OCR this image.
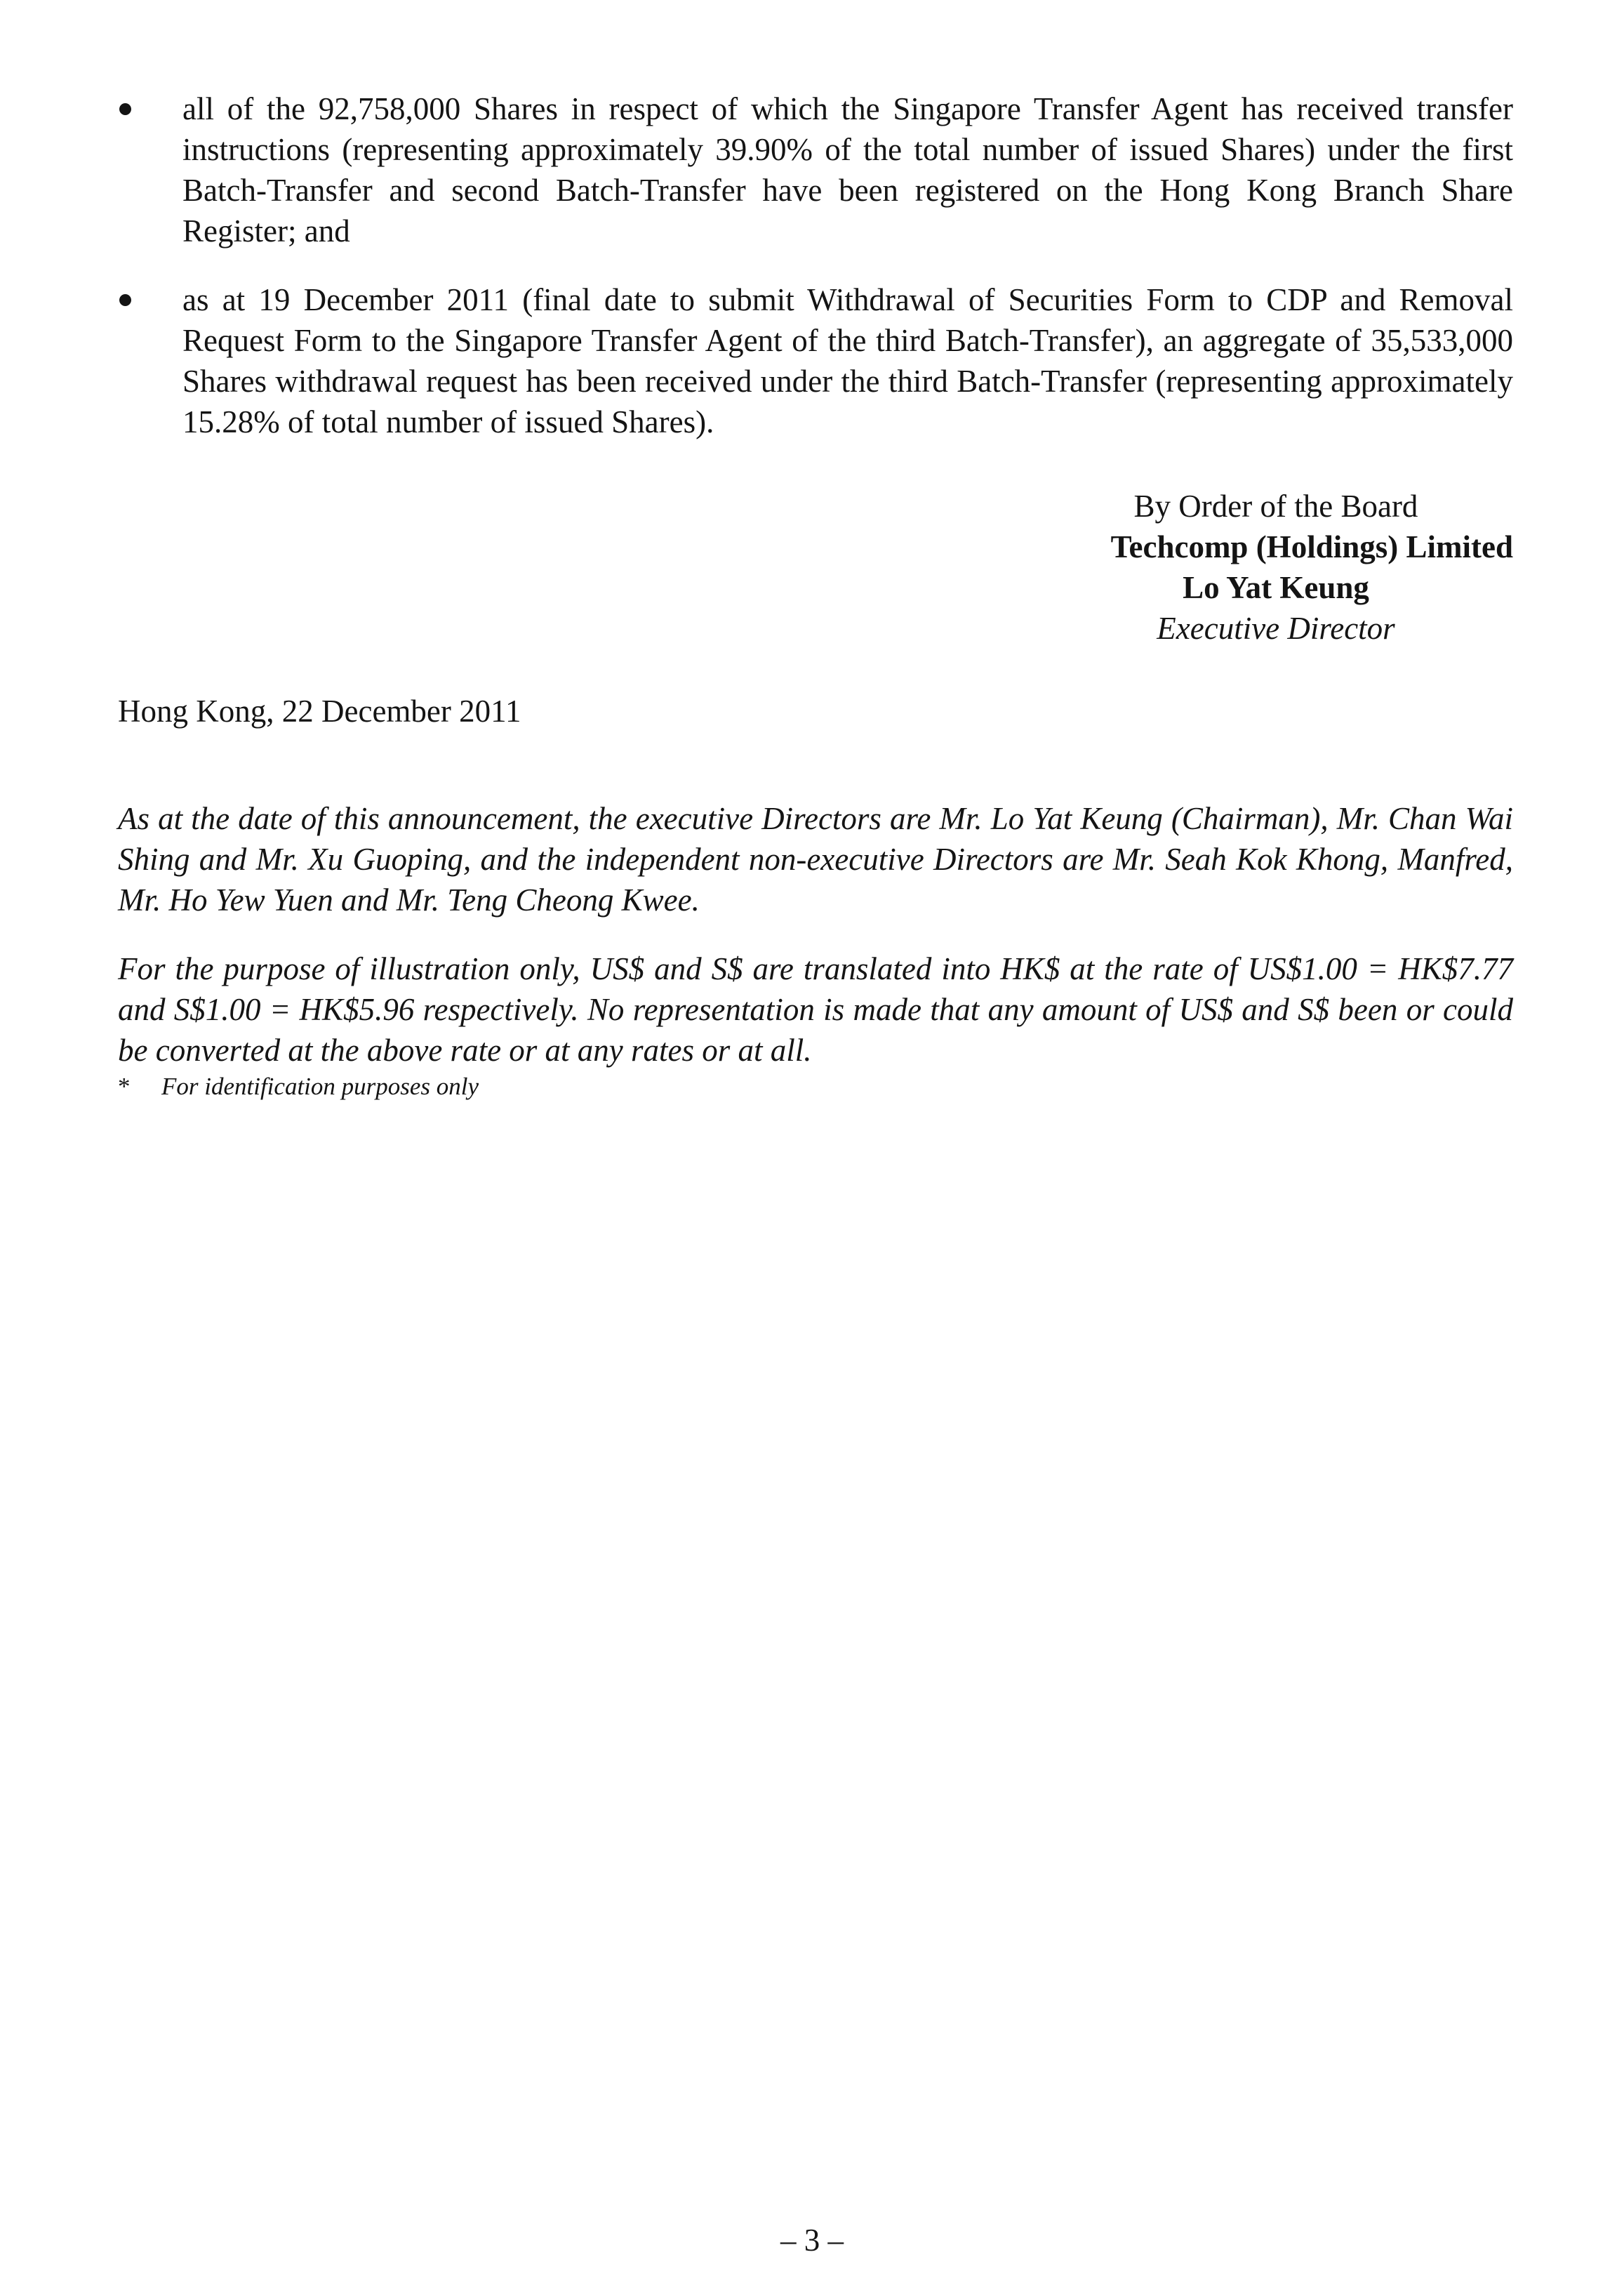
all of the 92,758,000 Shares in respect of which the Singapore Transfer Agent has received transfer instructions (representing approximately 39.90% of the total number of issued Shares) under the first Batch-Transfer and second Batch-Transfer have been registered on the Hong Kong Branch Share Register; and
as at 19 December 2011 (final date to submit Withdrawal of Securities Form to CDP and Removal Request Form to the Singapore Transfer Agent of the third Batch-Transfer), an aggregate of 35,533,000 Shares withdrawal request has been received under the third Batch-Transfer (representing approximately 15.28% of total number of issued Shares).
By Order of the Board
Techcomp (Holdings) Limited
Lo Yat Keung
Executive Director
Hong Kong, 22 December 2011

As at the date of this announcement, the executive Directors are Mr. Lo Yat Keung (Chairman), Mr. Chan Wai Shing and Mr. Xu Guoping, and the independent non-executive Directors are Mr. Seah Kok Khong, Manfred, Mr. Ho Yew Yuen and Mr. Teng Cheong Kwee.

For the purpose of illustration only, US$ and S$ are translated into HK$ at the rate of US$1.00 = HK$7.77 and S$1.00 = HK$5.96 respectively. No representation is made that any amount of US$ and S$ been or could be converted at the above rate or at any rates or at all.

* For identification purposes only
– 3 –
